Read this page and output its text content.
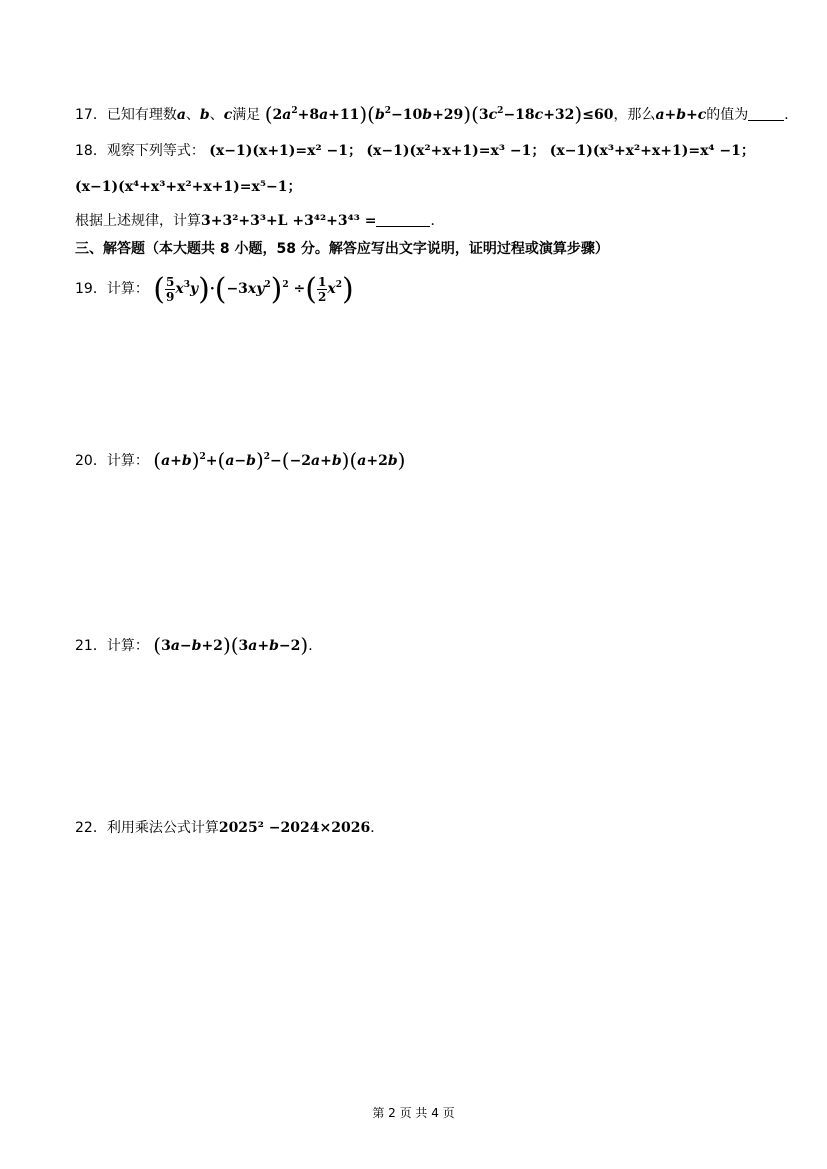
17．已知有理数a、b、c满足 $(2a^2+8a+11)(b^2-10b+29)(3c^2-18c+32)\le 60$，那么a+b+c的值为	．
18．观察下列等式： (x−1)(x+1)=x² −1； (x−1)(x²+x+1)=x³ −1； (x−1)(x³+x²+x+1)=x⁴ −1；
(x−1)(x⁴+x³+x²+x+1)=x⁵−1；
根据上述规律，计算3+3²+3³+L +3⁴²+3⁴³ =	．
三、解答题（本大题共 8 小题，58 分。解答应写出文字说明，证明过程或演算步骤）
19．计算： ( $\frac{5}{9} x^3y)\cdot(-3xy^2)^2$ ÷( $\frac{1}{2} x^2$)
20．计算： $(a+b)^2+(a-b)^2-(-2a+b)(a+2b)$
21．计算： (3a−b+2)(3a+b−2)．
22．利用乘法公式计算2025² −2024×2026．
第 2 页 共 4 页
